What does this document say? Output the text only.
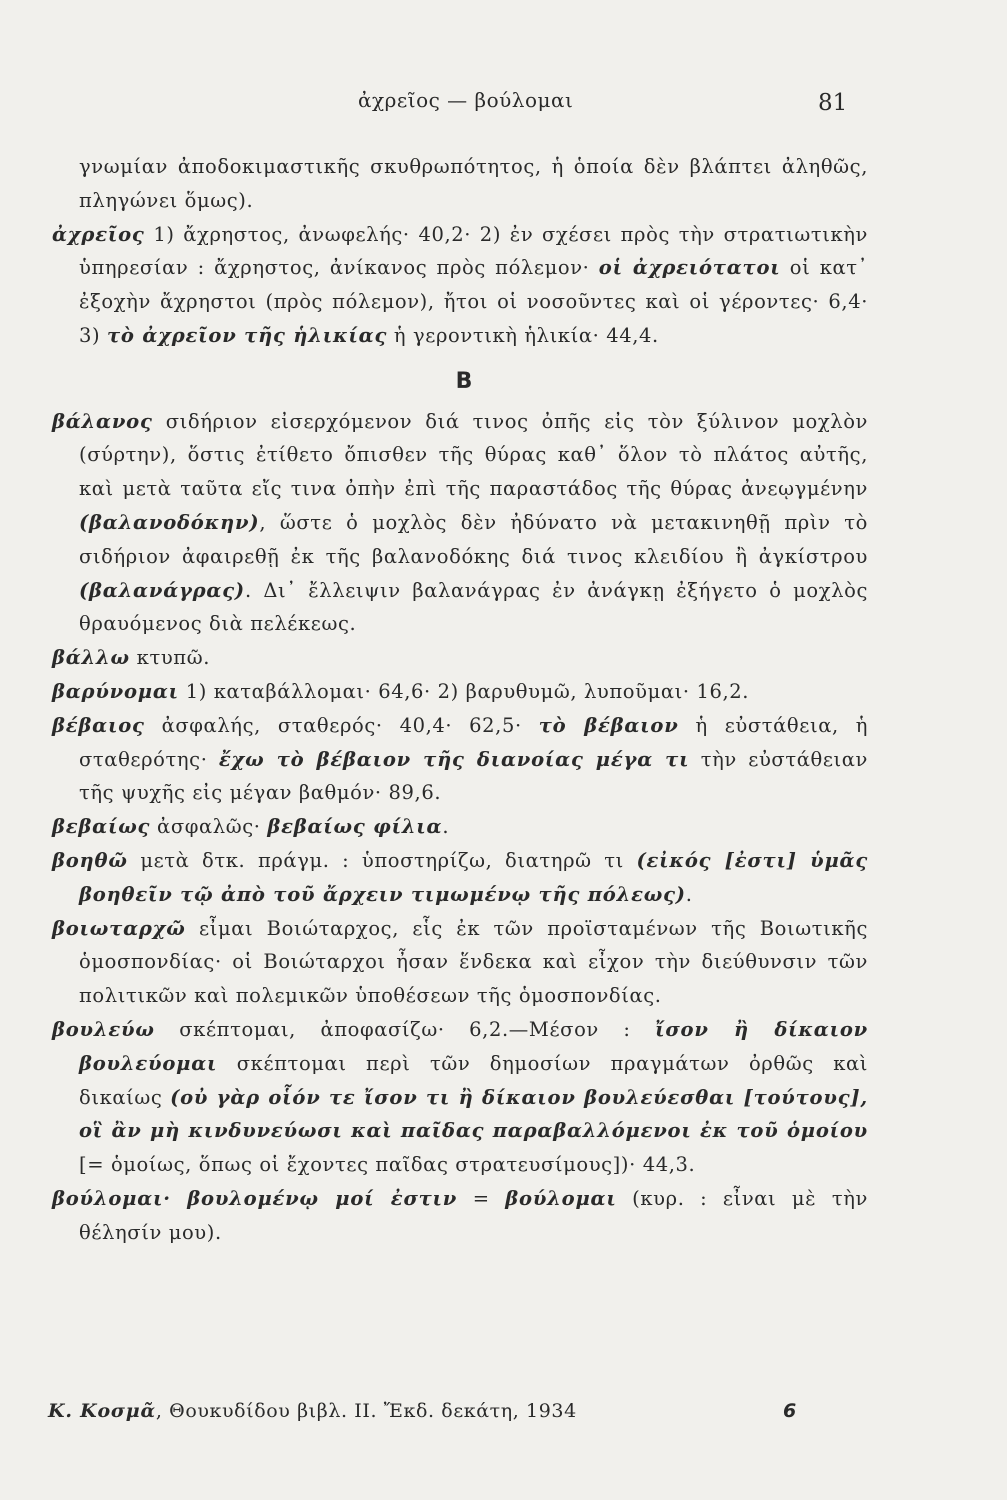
ἀχρεῖος — βούλομαι	81
γνωμίαν ἀποδοκιμαστικῆς σκυθρωπότητος, ἡ ὁποία δὲν βλάπτει ἀληθῶς, πληγώνει ὅμως).
ἀχρεῖος 1) ἄχρηστος, ἀνωφελής· 40,2· 2) ἐν σχέσει πρὸς τὴν στρατιωτικὴν ὑπηρεσίαν : ἄχρηστος, ἀνίκανος πρὸς πόλεμον· οἱ ἀχρειότατοι οἱ κατ᾽ ἐξοχὴν ἄχρηστοι (πρὸς πόλεμον), ἤτοι οἱ νοσοῦντες καὶ οἱ γέροντες· 6,4· 3) τὸ ἀχρεῖον τῆς ἡλικίας ἡ γεροντικὴ ἡλικία· 44,4.
Β
βάλανος σιδήριον εἰσερχόμενον διά τινος ὀπῆς εἰς τὸν ξύλινον μοχλὸν (σύρτην), ὅστις ἐτίθετο ὄπισθεν τῆς θύρας καθ᾽ ὅλον τὸ πλάτος αὐτῆς, καὶ μετὰ ταῦτα εἴς τινα ὀπὴν ἐπὶ τῆς παραστάδος τῆς θύρας ἀνεῳγμένην (βαλανοδόκην), ὥστε ὁ μοχλὸς δὲν ἠδύνατο νὰ μετακινηθῇ πρὶν τὸ σιδήριον ἀφαιρεθῇ ἐκ τῆς βαλανοδόκης διά τινος κλειδίου ἢ ἀγκίστρου (βαλανάγρας). Δι᾽ ἔλλειψιν βαλανάγρας ἐν ἀνάγκῃ ἐξήγετο ὁ μοχλὸς θραυόμενος διὰ πελέκεως.
βάλλω κτυπῶ.
βαρύνομαι 1) καταβάλλομαι· 64,6· 2) βαρυθυμῶ, λυποῦμαι· 16,2.
βέβαιος ἀσφαλής, σταθερός· 40,4· 62,5· τὸ βέβαιον ἡ εὐστάθεια, ἡ σταθερότης· ἔχω τὸ βέβαιον τῆς διανοίας μέγα τι τὴν εὐστάθειαν τῆς ψυχῆς εἰς μέγαν βαθμόν· 89,6.
βεβαίως ἀσφαλῶς· βεβαίως φίλια.
βοηθῶ μετὰ δτκ. πράγμ. : ὑποστηρίζω, διατηρῶ τι (εἰκός [ἐστι] ὑμᾶς βοηθεῖν τῷ ἀπὸ τοῦ ἄρχειν τιμωμένῳ τῆς πόλεως).
βοιωταρχῶ εἶμαι Βοιώταρχος, εἷς ἐκ τῶν προϊσταμένων τῆς Βοιωτικῆς ὁμοσπονδίας· οἱ Βοιώταρχοι ἦσαν ἕνδεκα καὶ εἶχον τὴν διεύθυνσιν τῶν πολιτικῶν καὶ πολεμικῶν ὑποθέσεων τῆς ὁμοσπονδίας.
βουλεύω σκέπτομαι, ἀποφασίζω· 6,2.—Μέσον : ἴσον ἢ δίκαιον βουλεύομαι σκέπτομαι περὶ τῶν δημοσίων πραγμάτων ὀρθῶς καὶ δικαίως (οὐ γὰρ οἷόν τε ἴσον τι ἢ δίκαιον βουλεύεσθαι [τούτους], οἳ ἂν μὴ κινδυνεύωσι καὶ παῖδας παραβαλλόμενοι ἐκ τοῦ ὁμοίου [= ὁμοίως, ὅπως οἱ ἔχοντες παῖδας στρατευσίμους])· 44,3.
βούλομαι· βουλομένῳ μοί ἐστιν = βούλομαι (κυρ. : εἶναι μὲ τὴν θέλησίν μου).
Κ. Κοσμᾶ, Θουκυδίδου βιβλ. II. Ἔκδ. δεκάτη, 1934	6
